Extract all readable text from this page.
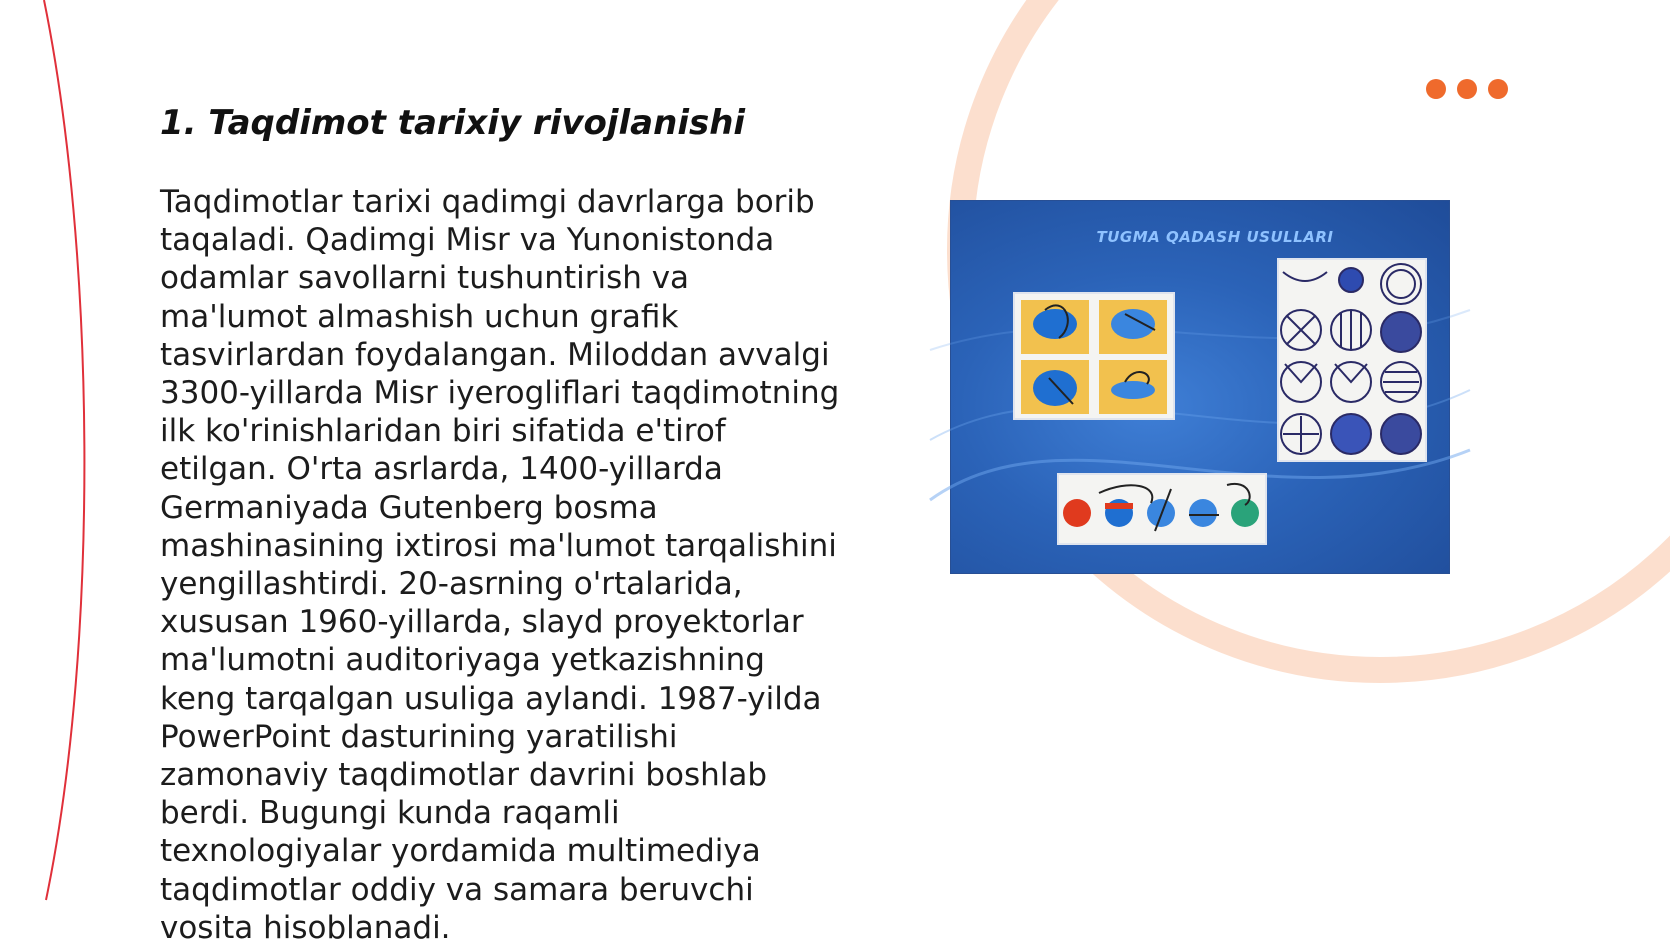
1. Taqdimot tarixiy rivojlanishi

Taqdimotlar tarixi qadimgi davrlarga borib taqaladi. Qadimgi Misr va Yunonistonda odamlar savollarni tushuntirish va ma'lumot almashish uchun grafik tasvirlardan foydalangan. Miloddan avvalgi 3300-yillarda Misr iyerogliflari taqdimotning ilk ko'rinishlaridan biri sifatida e'tirof etilgan. O'rta asrlarda, 1400-yillarda Germaniyada Gutenberg bosma mashinasining ixtirosi ma'lumot tarqalishini yengillashtirdi. 20-asrning o'rtalarida, xususan 1960-yillarda, slayd proyektorlar ma'lumotni auditoriyaga yetkazishning keng tarqalgan usuliga aylandi. 1987-yilda PowerPoint dasturining yaratilishi zamonaviy taqdimotlar davrini boshlab berdi. Bugungi kunda raqamli texnologiyalar yordamida multimediya taqdimotlar oddiy va samara beruvchi vosita hisoblanadi.

TUGMA QADASH USULLARI
